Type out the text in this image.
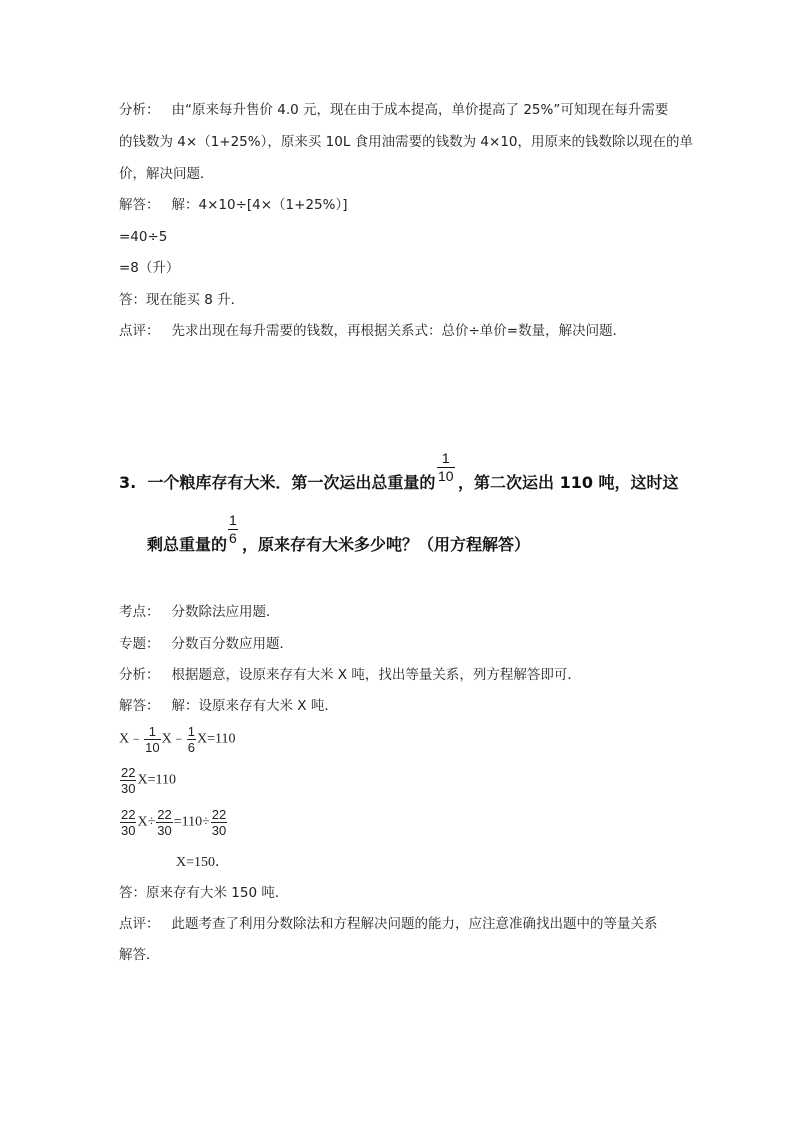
分析： 由“原来每升售价 4.0 元，现在由于成本提高，单价提高了 25%”可知现在每升需要
的钱数为 4×（1+25%），原来买 10L 食用油需要的钱数为 4×10，用原来的钱数除以现在的单
价，解决问题．
解答： 解：4×10÷[4×（1+25%）]
=40÷5
=8（升）
答：现在能买 8 升．
点评： 先求出现在每升需要的钱数，再根据关系式：总价÷单价=数量，解决问题．
3. 一个粮库存有大米．第一次运出总重量的 $\frac{1}{10}$ ，第二次运出 110 吨，这时这
剩总重量的 $\frac{1}{6}$ ，原来存有大米多少吨？（用方程解答）
考点： 分数除法应用题．
专题： 分数百分数应用题．
分析： 根据题意，设原来存有大米 X 吨，找出等量关系，列方程解答即可．
解答： 解：设原来存有大米 X 吨．
X﹣ $\frac{1}{10}$ X﹣ $\frac{1}{6} X=110$
$\frac{22}{30} X=110$
$\frac{22}{30} X\div \frac{22}{30} =110\div \frac{22}{30}$
X=150．
答：原来存有大米 150 吨．
点评： 此题考查了利用分数除法和方程解决问题的能力，应注意准确找出题中的等量关系
解答．
